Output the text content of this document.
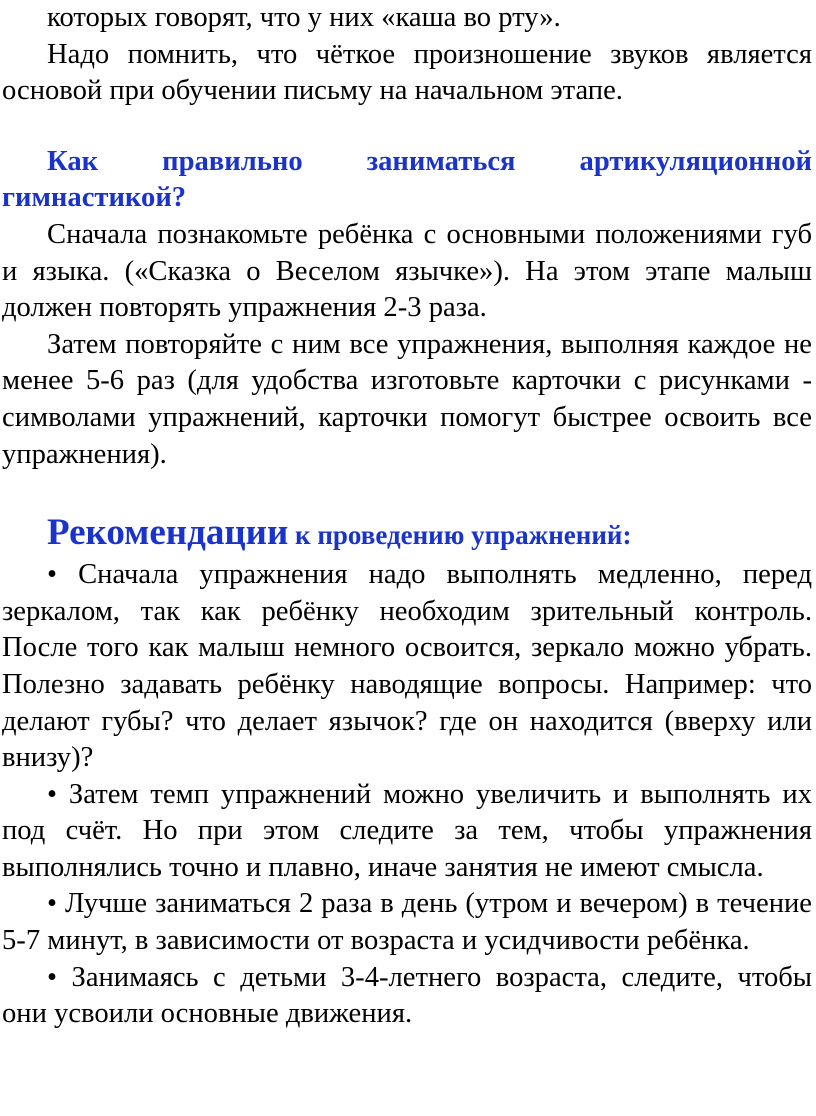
которых говорят, что у них «каша во рту».

Надо помнить, что чёткое произношение звуков является основой при обучении письму на начальном этапе.

Как правильно заниматься артикуляционной гимнастикой?

Сначала познакомьте ребёнка с основными положениями губ и языка. («Сказка о Веселом язычке»). На этом этапе малыш должен повторять упражнения 2-3 раза.

Затем повторяйте с ним все упражнения, выполняя каждое не менее 5-6 раз (для удобства изготовьте карточки с рисунками - символами упражнений, карточки помогут быстрее освоить все упражнения).

Рекомендации к проведению упражнений:

• Сначала упражнения надо выполнять медленно, перед зеркалом, так как ребёнку необходим зрительный контроль. После того как малыш немного освоится, зеркало можно убрать. Полезно задавать ребёнку наводящие вопросы. Например: что делают губы? что делает язычок? где он находится (вверху или внизу)?

• Затем темп упражнений можно увеличить и выполнять их под счёт. Но при этом следите за тем, чтобы упражнения выполнялись точно и плавно, иначе занятия не имеют смысла.

• Лучше заниматься 2 раза в день (утром и вечером) в течение 5-7 минут, в зависимости от возраста и усидчивости ребёнка.

• Занимаясь с детьми 3-4-летнего возраста, следите, чтобы они усвоили основные движения.
